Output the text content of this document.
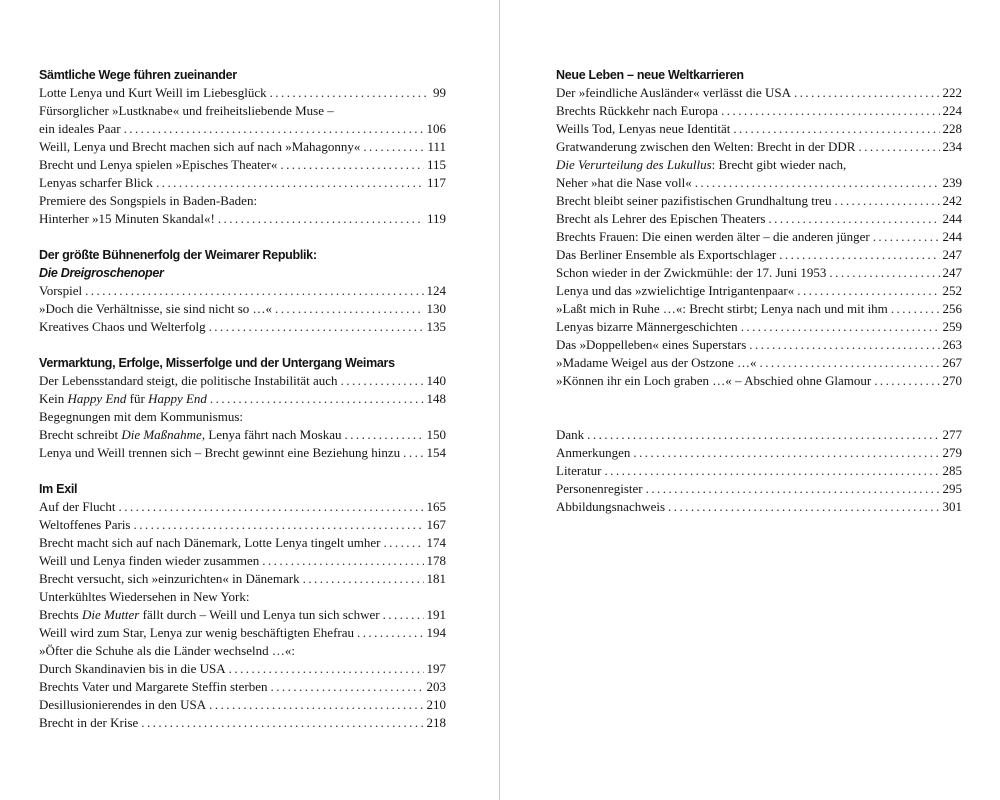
Sämtliche Wege führen zueinander
Lotte Lenya und Kurt Weill im Liebesglück . . .	99
Fürsorglicher »Lustknabe« und freiheitsliebende Muse –
ein ideales Paar . . .	106
Weill, Lenya und Brecht machen sich auf nach »Mahagonny« . . .	111
Brecht und Lenya spielen »Episches Theater« . . .	115
Lenyas scharfer Blick . . .	117
Premiere des Songspiels in Baden-Baden:
Hinterher »15 Minuten Skandal«! . . .	119
Der größte Bühnenerfolg der Weimarer Republik:
Die Dreigroschenoper
Vorspiel . . .	124
»Doch die Verhältnisse, sie sind nicht so …« . . .	130
Kreatives Chaos und Welterfolg . . .	135
Vermarktung, Erfolge, Misserfolge und der Untergang Weimars
Der Lebensstandard steigt, die politische Instabilität auch . . .	140
Kein Happy End für Happy End . . .	148
Begegnungen mit dem Kommunismus:
Brecht schreibt Die Maßnahme, Lenya fährt nach Moskau . . .	150
Lenya und Weill trennen sich – Brecht gewinnt eine Beziehung hinzu . . . 154
Im Exil
Auf der Flucht . . .	165
Weltoffenes Paris . . .	167
Brecht macht sich auf nach Dänemark, Lotte Lenya tingelt umher . . .	174
Weill und Lenya finden wieder zusammen . . .	178
Brecht versucht, sich »einzurichten« in Dänemark . . .	181
Unterkühltes Wiedersehen in New York:
Brechts Die Mutter fällt durch – Weill und Lenya tun sich schwer . . .	191
Weill wird zum Star, Lenya zur wenig beschäftigten Ehefrau . . .	194
»Öfter die Schuhe als die Länder wechselnd …«:
Durch Skandinavien bis in die USA . . .	197
Brechts Vater und Margarete Steffin sterben . . .	203
Desillusionierendes in den USA . . .	210
Brecht in der Krise . . .	218
Neue Leben – neue Weltkarrieren
Der »feindliche Ausländer« verlässt die USA . . .	222
Brechts Rückkehr nach Europa . . .	224
Weills Tod, Lenyas neue Identität . . .	228
Gratwanderung zwischen den Welten: Brecht in der DDR . . .	234
Die Verurteilung des Lukullus: Brecht gibt wieder nach,
Neher »hat die Nase voll« . . .	239
Brecht bleibt seiner pazifistischen Grundhaltung treu . . .	242
Brecht als Lehrer des Epischen Theaters . . .	244
Brechts Frauen: Die einen werden älter – die anderen jünger . . .	244
Das Berliner Ensemble als Exportschlager . . .	247
Schon wieder in der Zwickmühle: der 17. Juni 1953 . . .	247
Lenya und das »zwielichtige Intrigantenpaar« . . .	252
»Laßt mich in Ruhe …«: Brecht stirbt; Lenya nach und mit ihm . . .	256
Lenyas bizarre Männergeschichten . . .	259
Das »Doppelleben« eines Superstars . . .	263
»Madame Weigel aus der Ostzone …« . . .	267
»Können ihr ein Loch graben …« – Abschied ohne Glamour . . .	270
Dank . . .	277
Anmerkungen . . .	279
Literatur . . .	285
Personenregister . . .	295
Abbildungsnachweis . . .	301
